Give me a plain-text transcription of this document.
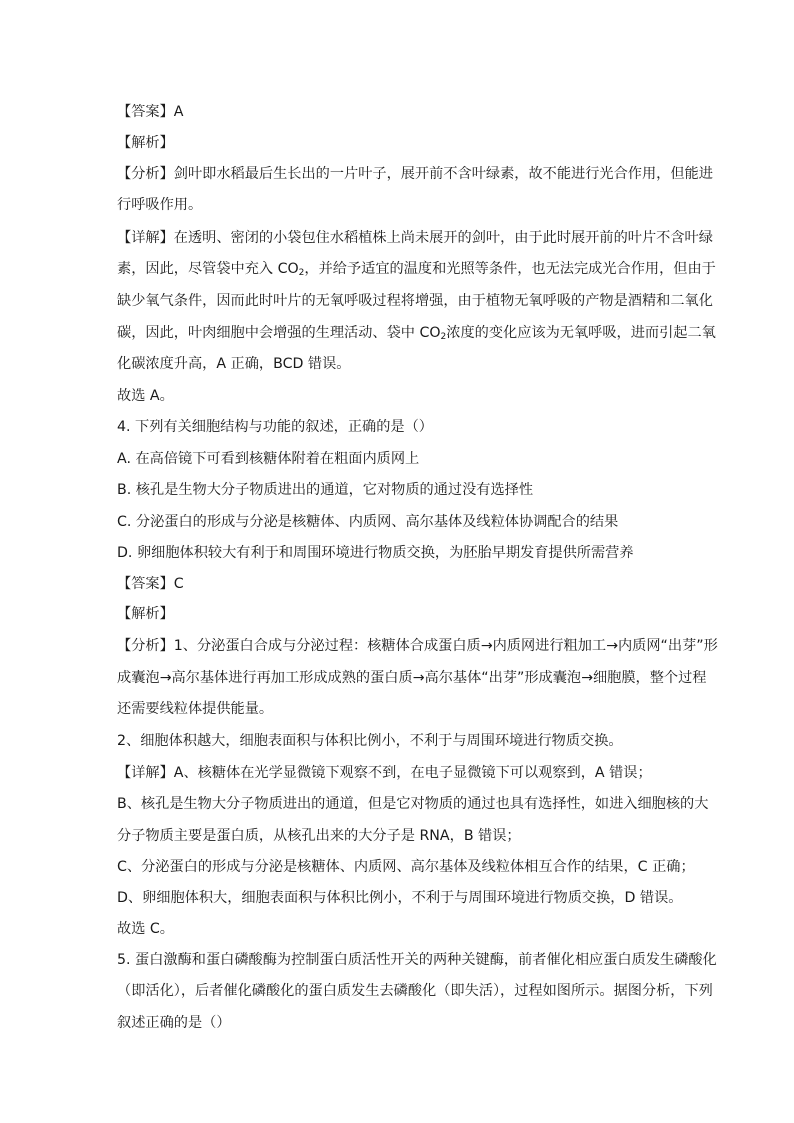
【答案】A
【解析】
【分析】剑叶即水稻最后生长出的一片叶子，展开前不含叶绿素，故不能进行光合作用，但能进
行呼吸作用。
【详解】在透明、密闭的小袋包住水稻植株上尚未展开的剑叶，由于此时展开前的叶片不含叶绿
素，因此，尽管袋中充入 $CO_2$，并给予适宜的温度和光照等条件，也无法完成光合作用，但由于
缺少氧气条件，因而此时叶片的无氧呼吸过程将增强，由于植物无氧呼吸的产物是酒精和二氧化
碳，因此，叶肉细胞中会增强的生理活动、袋中 $CO_2$浓度的变化应该为无氧呼吸，进而引起二氧
化碳浓度升高，A 正确，BCD 错误。
故选 A。
4. 下列有关细胞结构与功能的叙述，正确的是（）
A. 在高倍镜下可看到核糖体附着在粗面内质网上
B. 核孔是生物大分子物质进出的通道，它对物质的通过没有选择性
C. 分泌蛋白的形成与分泌是核糖体、内质网、高尔基体及线粒体协调配合的结果
D. 卵细胞体积较大有利于和周围环境进行物质交换，为胚胎早期发育提供所需营养
【答案】C
【解析】
【分析】1、分泌蛋白合成与分泌过程：核糖体合成蛋白质→内质网进行粗加工→内质网“出芽”形
成囊泡→高尔基体进行再加工形成成熟的蛋白质→高尔基体“出芽”形成囊泡→细胞膜，整个过程
还需要线粒体提供能量。
2、细胞体积越大，细胞表面积与体积比例小，不利于与周围环境进行物质交换。
【详解】A、核糖体在光学显微镜下观察不到，在电子显微镜下可以观察到，A 错误；
B、核孔是生物大分子物质进出的通道，但是它对物质的通过也具有选择性，如进入细胞核的大
分子物质主要是蛋白质，从核孔出来的大分子是 RNA，B 错误；
C、分泌蛋白的形成与分泌是核糖体、内质网、高尔基体及线粒体相互合作的结果，C 正确；
D、卵细胞体积大，细胞表面积与体积比例小，不利于与周围环境进行物质交换，D 错误。
故选 C。
5. 蛋白激酶和蛋白磷酸酶为控制蛋白质活性开关的两种关键酶，前者催化相应蛋白质发生磷酸化
（即活化），后者催化磷酸化的蛋白质发生去磷酸化（即失活），过程如图所示。据图分析，下列
叙述正确的是（）
